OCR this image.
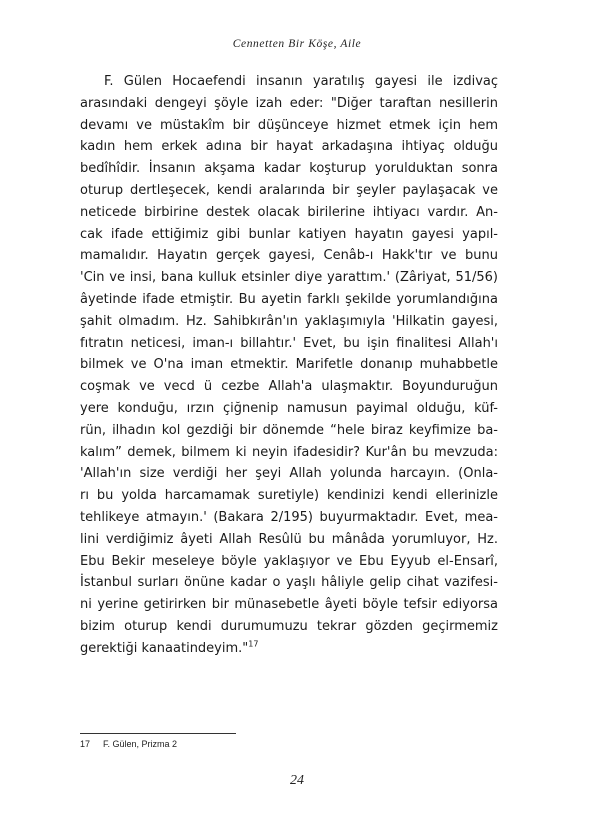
Cennetten Bir Köşe, Aile
F. Gülen Hocaefendi insanın yaratılış gayesi ile izdivaç
arasındaki dengeyi şöyle izah eder: "Diğer taraftan nesillerin
devamı ve müstakîm bir düşünceye hizmet etmek için hem
kadın hem erkek adına bir hayat arkadaşına ihtiyaç olduğu
bedîhîdir. İnsanın akşama kadar koşturup yorulduktan sonra
oturup dertleşecek, kendi aralarında bir şeyler paylaşacak ve
neticede birbirine destek olacak birilerine ihtiyacı vardır. An-
cak ifade ettiğimiz gibi bunlar katiyen hayatın gayesi yapıl-
mamalıdır. Hayatın gerçek gayesi, Cenâb-ı Hakk'tır ve bunu
'Cin ve insi, bana kulluk etsinler diye yarattım.' (Zâriyat, 51/56)
âyetinde ifade etmiştir. Bu ayetin farklı şekilde yorumlandığına
şahit olmadım. Hz. Sahibkırân'ın yaklaşımıyla 'Hilkatin gayesi,
fıtratın neticesi, iman-ı billahtır.' Evet, bu işin finalitesi Allah'ı
bilmek ve O'na iman etmektir. Marifetle donanıp muhabbetle
coşmak ve vecd ü cezbe Allah'a ulaşmaktır. Boyunduruğun
yere konduğu, ırzın çiğnenip namusun payimal olduğu, küf-
rün, ilhadın kol gezdiği bir dönemde “hele biraz keyfimize ba-
kalım” demek, bilmem ki neyin ifadesidir? Kur'ân bu mevzuda:
'Allah'ın size verdiği her şeyi Allah yolunda harcayın. (Onla-
rı bu yolda harcamamak suretiyle) kendinizi kendi ellerinizle
tehlikeye atmayın.' (Bakara 2/195) buyurmaktadır. Evet, mea-
lini verdiğimiz âyeti Allah Resûlü bu mânâda yorumluyor, Hz.
Ebu Bekir meseleye böyle yaklaşıyor ve Ebu Eyyub el-Ensarî,
İstanbul surları önüne kadar o yaşlı hâliyle gelip cihat vazifesi-
ni yerine getirirken bir münasebetle âyeti böyle tefsir ediyorsa
bizim oturup kendi durumumuzu tekrar gözden geçirmemiz
gerektiği kanaatindeyim."$^{17}$
17 F. Gülen, Prizma 2
24
